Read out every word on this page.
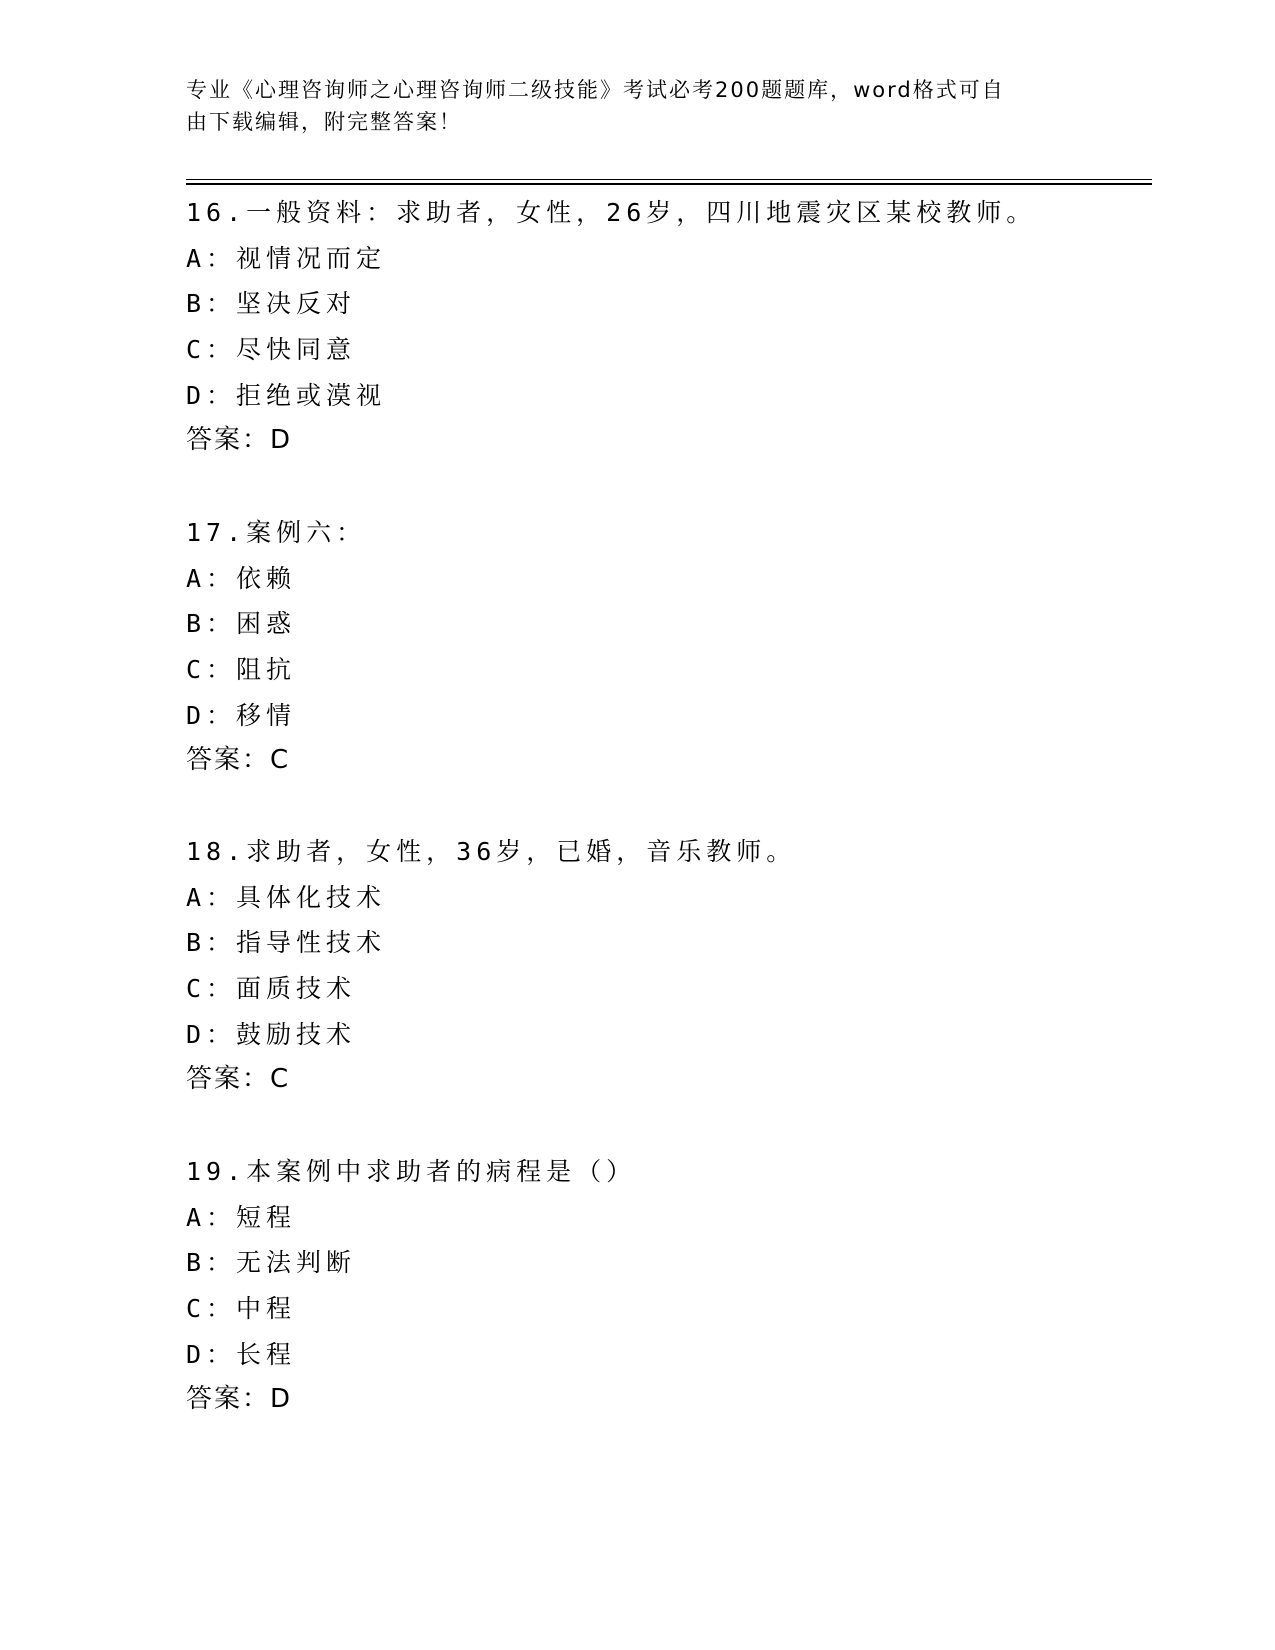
专业《心理咨询师之心理咨询师二级技能》考试必考200题题库，word格式可自
由下载编辑，附完整答案！
16.一般资料：求助者，女性，26岁，四川地震灾区某校教师。
A：视情况而定
B：坚决反对
C：尽快同意
D：拒绝或漠视
答案：D
17.案例六：
A：依赖
B：困惑
C：阻抗
D：移情
答案：C
18.求助者，女性，36岁，已婚，音乐教师。
A：具体化技术
B：指导性技术
C：面质技术
D：鼓励技术
答案：C
19.本案例中求助者的病程是（）
A：短程
B：无法判断
C：中程
D：长程
答案：D
